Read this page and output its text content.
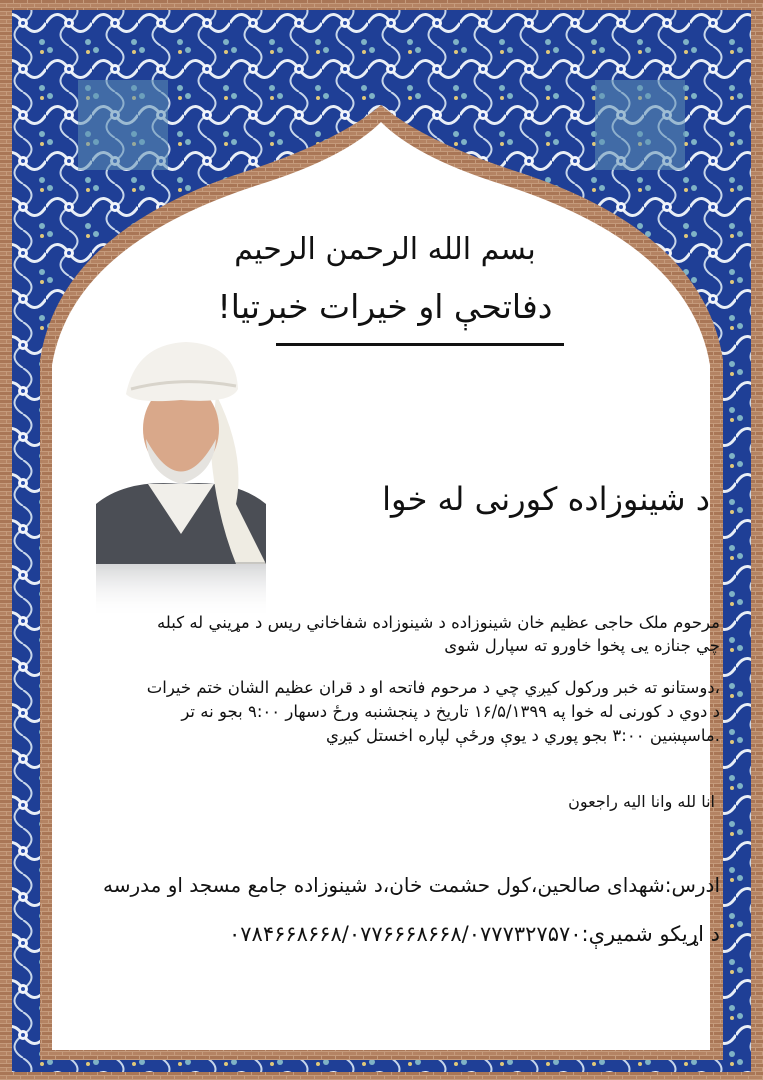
بسم الله الرحمن الرحيم
دفاتحې او خيرات خبرتيا!
د شینوزاده کورنی له خوا
مرحوم ملک حاجی عظیم خان شینوزاده د شینوزاده شفاخاني ریس د مړيني له کبله
چي جنازه یی پخوا خاورو ته سپارل شوی
،دوستانو ته خبر ورکول کیږي چي د مرحوم فاتحه او د قران عظیم الشان ختم خیرات
د دوي د کورنی له خوا په ۱۶/۵/۱۳۹۹ تاریخ د پنجشنبه ورځ دسهار ۹:۰۰ بجو نه تر
.ماسپښین ۳:۰۰ بجو پوري د يوې ورځې لپاره اخستل کیږي
انا لله وانا الیه راجعون
ادرس:شهدای صالحین،کول حشمت خان،د شینوزاده جامع مسجد او مدرسه
د اړيکو شميرې:۰۷۸۴۶۶۸۶۶۸/۰۷۷۶۶۶۸۶۶۸/۰۷۷۷۳۲۷۵۷۰
